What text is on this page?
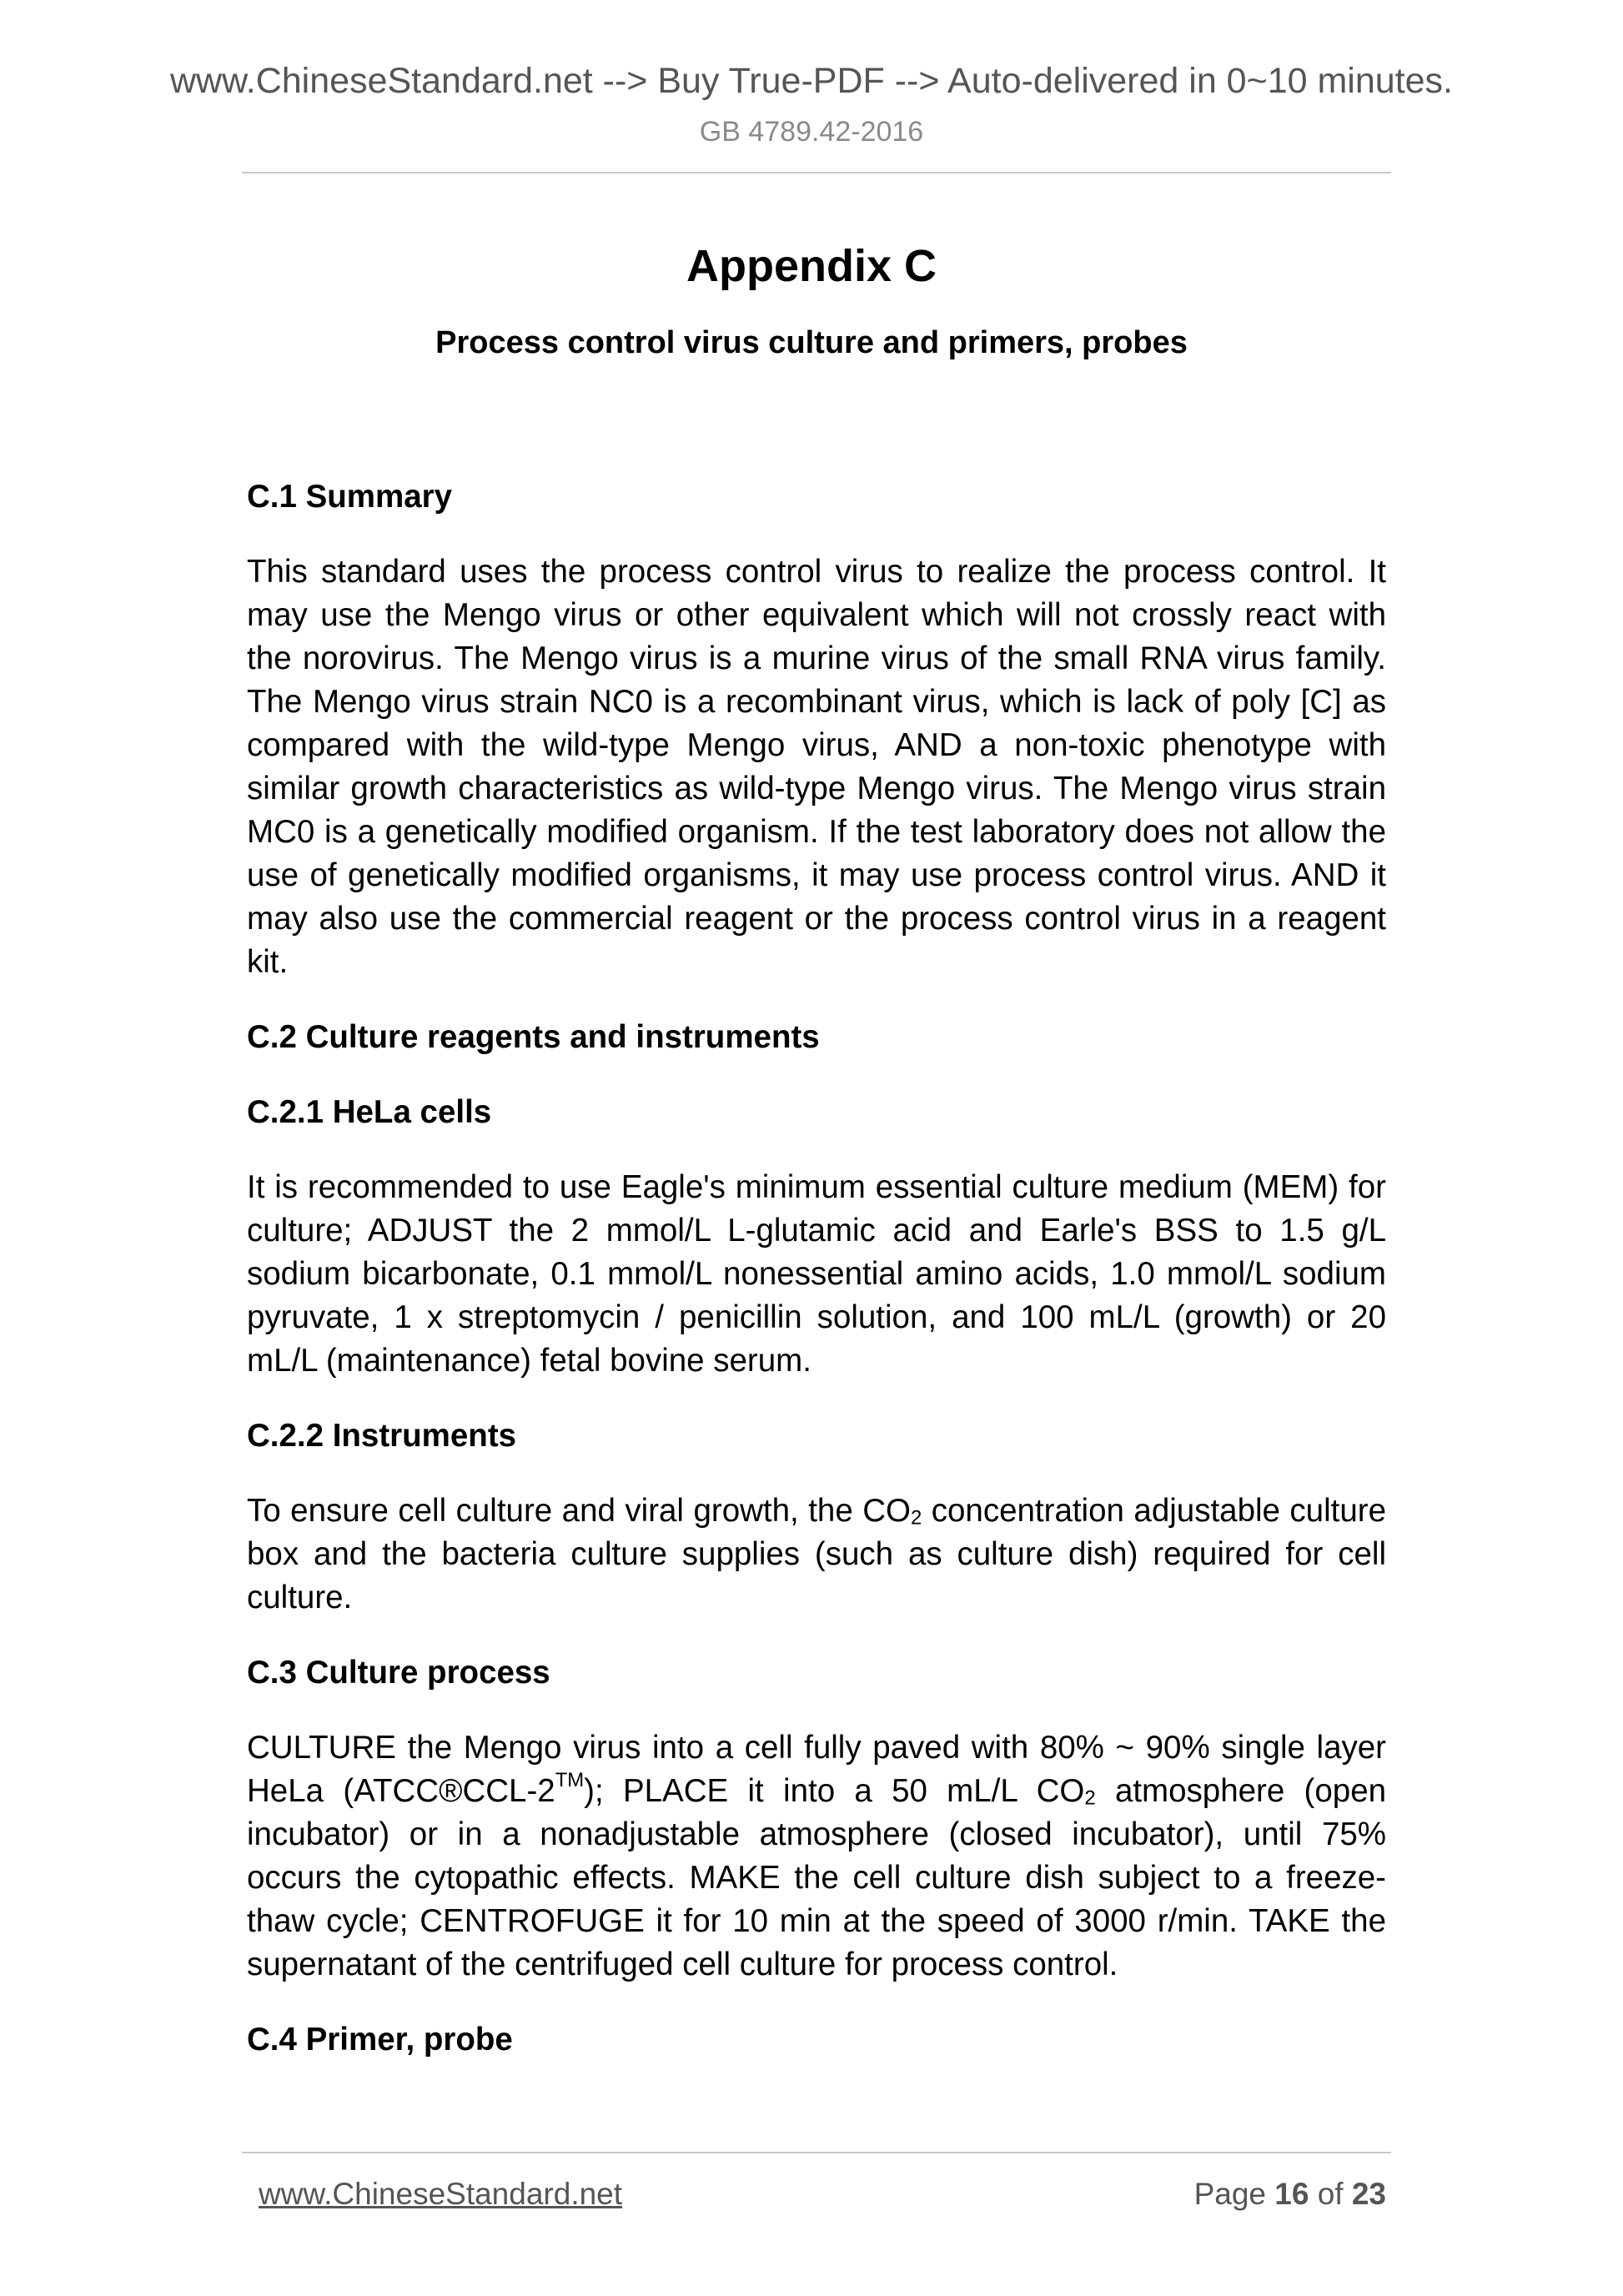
www.ChineseStandard.net --> Buy True-PDF --> Auto-delivered in 0~10 minutes.
GB 4789.42-2016
Appendix C
Process control virus culture and primers, probes
C.1 Summary

This standard uses the process control virus to realize the process control. It may use the Mengo virus or other equivalent which will not crossly react with the norovirus. The Mengo virus is a murine virus of the small RNA virus family. The Mengo virus strain NC0 is a recombinant virus, which is lack of poly [C] as compared with the wild-type Mengo virus, AND a non-toxic phenotype with similar growth characteristics as wild-type Mengo virus. The Mengo virus strain MC0 is a genetically modified organism. If the test laboratory does not allow the use of genetically modified organisms, it may use process control virus. AND it may also use the commercial reagent or the process control virus in a reagent kit.

C.2 Culture reagents and instruments
C.2.1 HeLa cells

It is recommended to use Eagle's minimum essential culture medium (MEM) for culture; ADJUST the 2 mmol/L L-glutamic acid and Earle's BSS to 1.5 g/L sodium bicarbonate, 0.1 mmol/L nonessential amino acids, 1.0 mmol/L sodium pyruvate, 1 x streptomycin / penicillin solution, and 100 mL/L (growth) or 20 mL/L (maintenance) fetal bovine serum.

C.2.2 Instruments

To ensure cell culture and viral growth, the $CO_2$ concentration adjustable culture box and the bacteria culture supplies (such as culture dish) required for cell culture.

C.3 Culture process

CULTURE the Mengo virus into a cell fully paved with 80% ~ 90% single layer HeLa (ATCC®CCL-2™); PLACE it into a 50 mL/L $CO_2$ atmosphere (open incubator) or in a nonadjustable atmosphere (closed incubator), until 75% occurs the cytopathic effects. MAKE the cell culture dish subject to a freeze-thaw cycle; CENTROFUGE it for 10 min at the speed of 3000 r/min. TAKE the supernatant of the centrifuged cell culture for process control.

C.4 Primer, probe
www.ChineseStandard.net	Page 16 of 23
